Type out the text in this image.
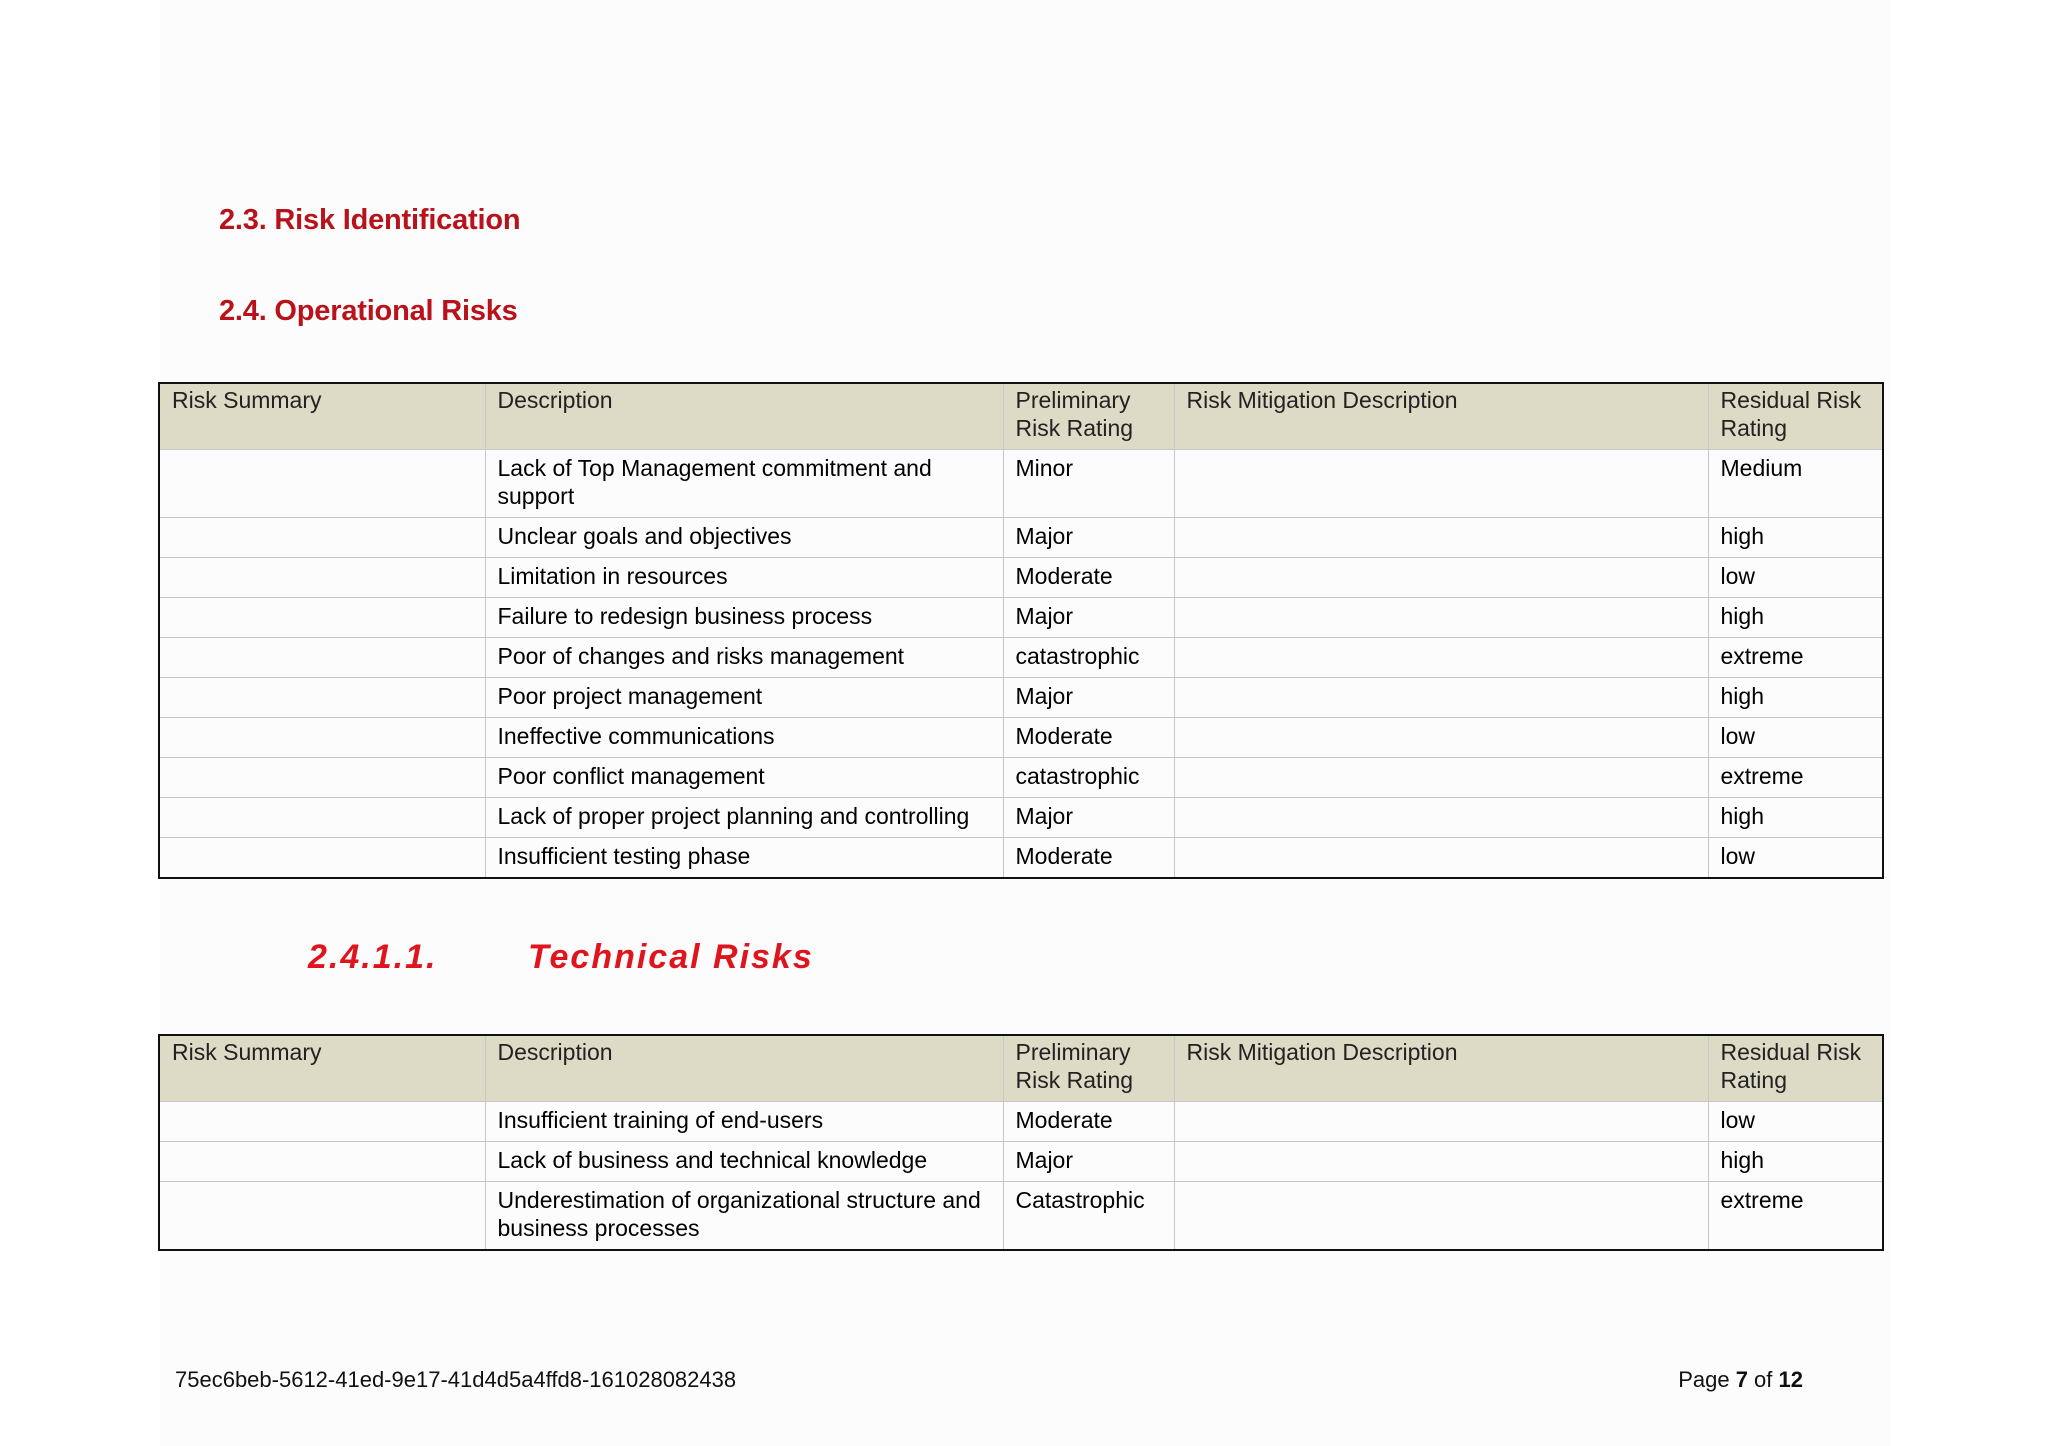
2.3. Risk Identification
2.4. Operational Risks
Risk Summary	Description	Preliminary Risk Rating	Risk Mitigation Description	Residual Risk Rating
	Lack of Top Management commitment and support	Minor		Medium
	Unclear goals and objectives	Major		high
	Limitation in resources	Moderate		low
	Failure to redesign business process	Major		high
	Poor of changes and risks management	catastrophic		extreme
	Poor project management	Major		high
	Ineffective communications	Moderate		low
	Poor conflict management	catastrophic		extreme
	Lack of proper project planning and controlling	Major		high
	Insufficient testing phase	Moderate		low
2.4.1.1.	Technical Risks
Risk Summary	Description	Preliminary Risk Rating	Risk Mitigation Description	Residual Risk Rating
	Insufficient training of end-users	Moderate		low
	Lack of business and technical knowledge	Major		high
	Underestimation of organizational structure and business processes	Catastrophic		extreme
75ec6beb-5612-41ed-9e17-41d4d5a4ffd8-161028082438	Page 7 of 12
